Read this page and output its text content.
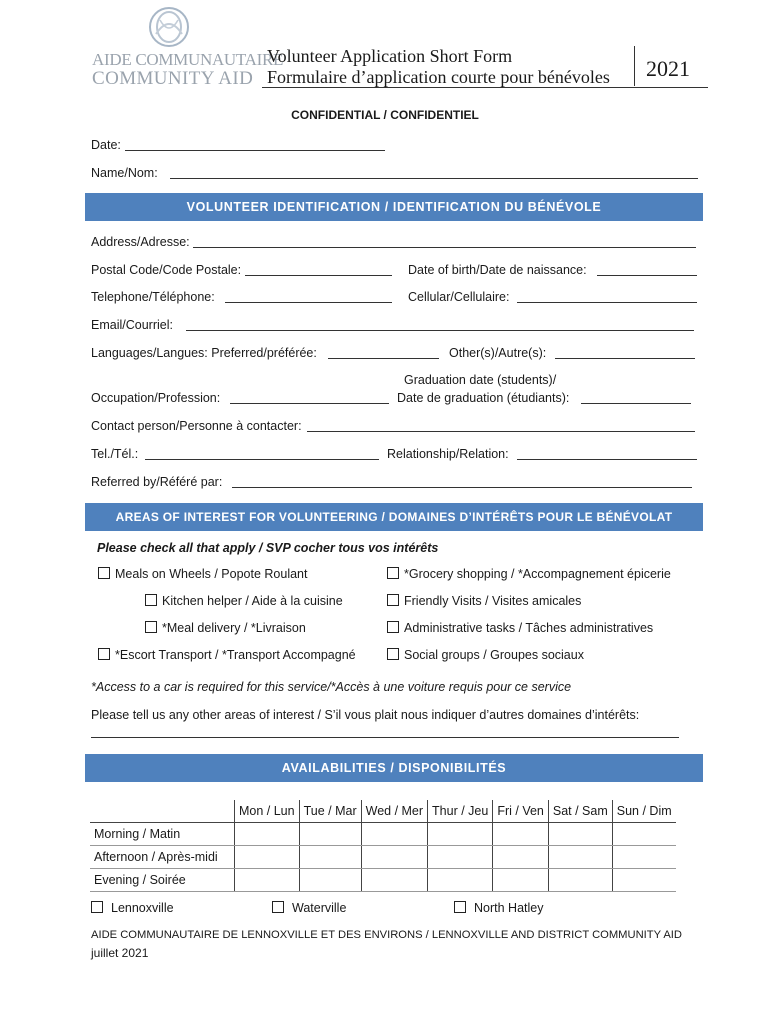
AIDE COMMUNAUTAIRE
COMMUNITY AID
Volunteer Application Short Form
Formulaire d’application courte pour bénévoles 2021
CONFIDENTIAL / CONFIDENTIEL
Date:
Name/Nom:
VOLUNTEER IDENTIFICATION / IDENTIFICATION DU BÉNÉVOLE
Address/Adresse:
Postal Code/Code Postale:	Date of birth/Date de naissance:
Telephone/Téléphone:	Cellular/Cellulaire:
Email/Courriel:
Languages/Langues: Preferred/préférée:	Other(s)/Autre(s):
Graduation date (students)/
Occupation/Profession:	Date de graduation (étudiants):
Contact person/Personne à contacter:
Tel./Tél.:	Relationship/Relation:
Referred by/Référé par:
AREAS OF INTEREST FOR VOLUNTEERING / DOMAINES D’INTÉRÊTS POUR LE BÉNÉVOLAT
Please check all that apply / SVP cocher tous vos intérêts
Meals on Wheels / Popote Roulant
Kitchen helper / Aide à la cuisine
*Meal delivery / *Livraison
*Escort Transport / *Transport Accompagné
*Grocery shopping / *Accompagnement épicerie
Friendly Visits / Visites amicales
Administrative tasks / Tâches administratives
Social groups / Groupes sociaux
*Access to a car is required for this service/*Accès à une voiture requis pour ce service
Please tell us any other areas of interest / S’il vous plait nous indiquer d’autres domaines d’intérêts:
AVAILABILITIES / DISPONIBILITÉS
	Mon / Lun	Tue / Mar	Wed / Mer	Thur / Jeu	Fri / Ven	Sat / Sam	Sun / Dim
Morning / Matin							
Afternoon / Après-midi							
Evening / Soirée							
Lennoxville	Waterville	North Hatley
AIDE COMMUNAUTAIRE DE LENNOXVILLE ET DES ENVIRONS / LENNOXVILLE AND DISTRICT COMMUNITY AID
juillet 2021
